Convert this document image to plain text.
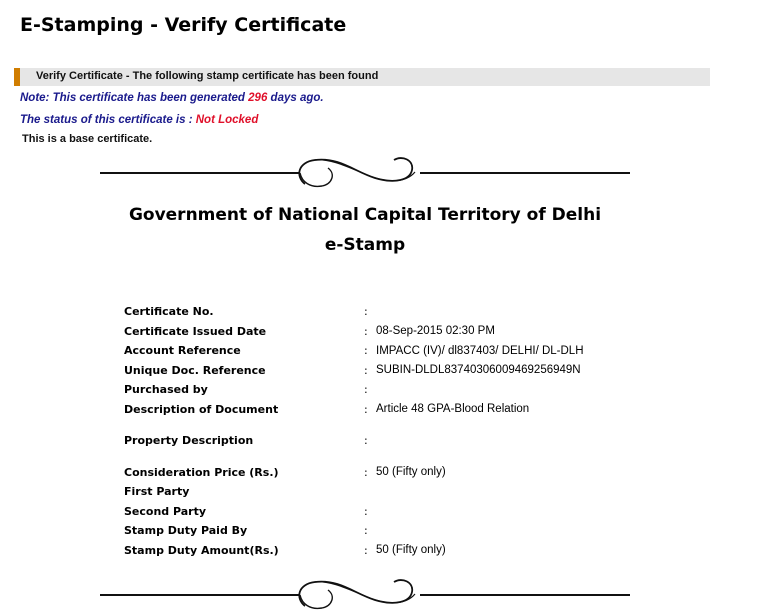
E-Stamping - Verify Certificate
Verify Certificate - The following stamp certificate has been found
Note: This certificate has been generated 296 days ago.
The status of this certificate is : Not Locked
This is a base certificate.
Government of National Capital Territory of Delhi
e-Stamp
Certificate No.	:	
Certificate Issued Date	:	08-Sep-2015 02:30 PM
Account Reference	:	IMPACC (IV)/ dl837403/ DELHI/ DL-DLH
Unique Doc. Reference	:	SUBIN-DLDL83740306009469256949N
Purchased by	:	
Description of Document	:	Article 48 GPA-Blood Relation

Property Description	:	

Consideration Price (Rs.)	:	50 (Fifty only)
First Party		
Second Party	:	
Stamp Duty Paid By	:	
Stamp Duty Amount(Rs.)	:	50 (Fifty only)
